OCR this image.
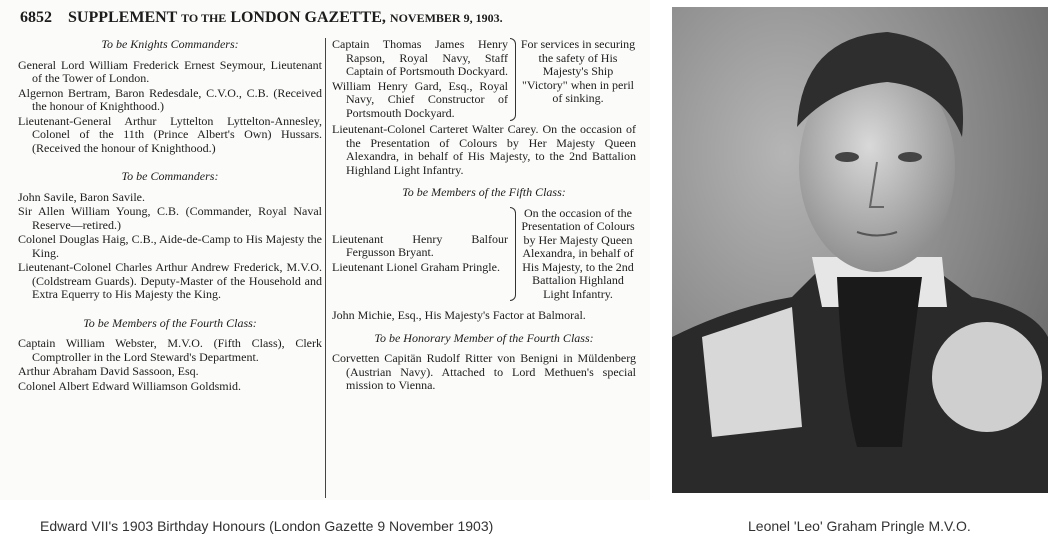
6852 SUPPLEMENT TO THE LONDON GAZETTE, NOVEMBER 9, 1903.
To be Knights Commanders:
General Lord William Frederick Ernest Seymour, Lieutenant of the Tower of London.
Algernon Bertram, Baron Redesdale, C.V.O., C.B. (Received the honour of Knighthood.)
Lieutenant-General Arthur Lyttelton Lyttelton-Annesley, Colonel of the 11th (Prince Albert's Own) Hussars. (Received the honour of Knighthood.)
To be Commanders:
John Savile, Baron Savile.
Sir Allen William Young, C.B. (Commander, Royal Naval Reserve—retired.)
Colonel Douglas Haig, C.B., Aide-de-Camp to His Majesty the King.
Lieutenant-Colonel Charles Arthur Andrew Frederick, M.V.O. (Coldstream Guards). Deputy-Master of the Household and Extra Equerry to His Majesty the King.
To be Members of the Fourth Class:
Captain William Webster, M.V.O. (Fifth Class), Clerk Comptroller in the Lord Steward's Department.
Arthur Abraham David Sassoon, Esq.
Colonel Albert Edward Williamson Goldsmid.
Captain Thomas James Henry Rapson, Royal Navy, Staff Captain of Portsmouth Dockyard.
William Henry Gard, Esq., Royal Navy, Chief Constructor of Portsmouth Dockyard.
For services in securing the safety of His Majesty's Ship "Victory" when in peril of sinking.
Lieutenant-Colonel Carteret Walter Carey. On the occasion of the Presentation of Colours by Her Majesty Queen Alexandra, in behalf of His Majesty, to the 2nd Battalion Highland Light Infantry.
To be Members of the Fifth Class:
Lieutenant Henry Balfour Fergusson Bryant.
Lieutenant Lionel Graham Pringle.
On the occasion of the Presentation of Colours by Her Majesty Queen Alexandra, in behalf of His Majesty, to the 2nd Battalion Highland Light Infantry.
John Michie, Esq., His Majesty's Factor at Balmoral.
To be Honorary Member of the Fourth Class:
Corvetten Capitän Rudolf Ritter von Benigni in Müldenberg (Austrian Navy). Attached to Lord Methuen's special mission to Vienna.
Edward VII's 1903 Birthday Honours (London Gazette 9 November 1903)	Leonel 'Leo' Graham Pringle M.V.O.
